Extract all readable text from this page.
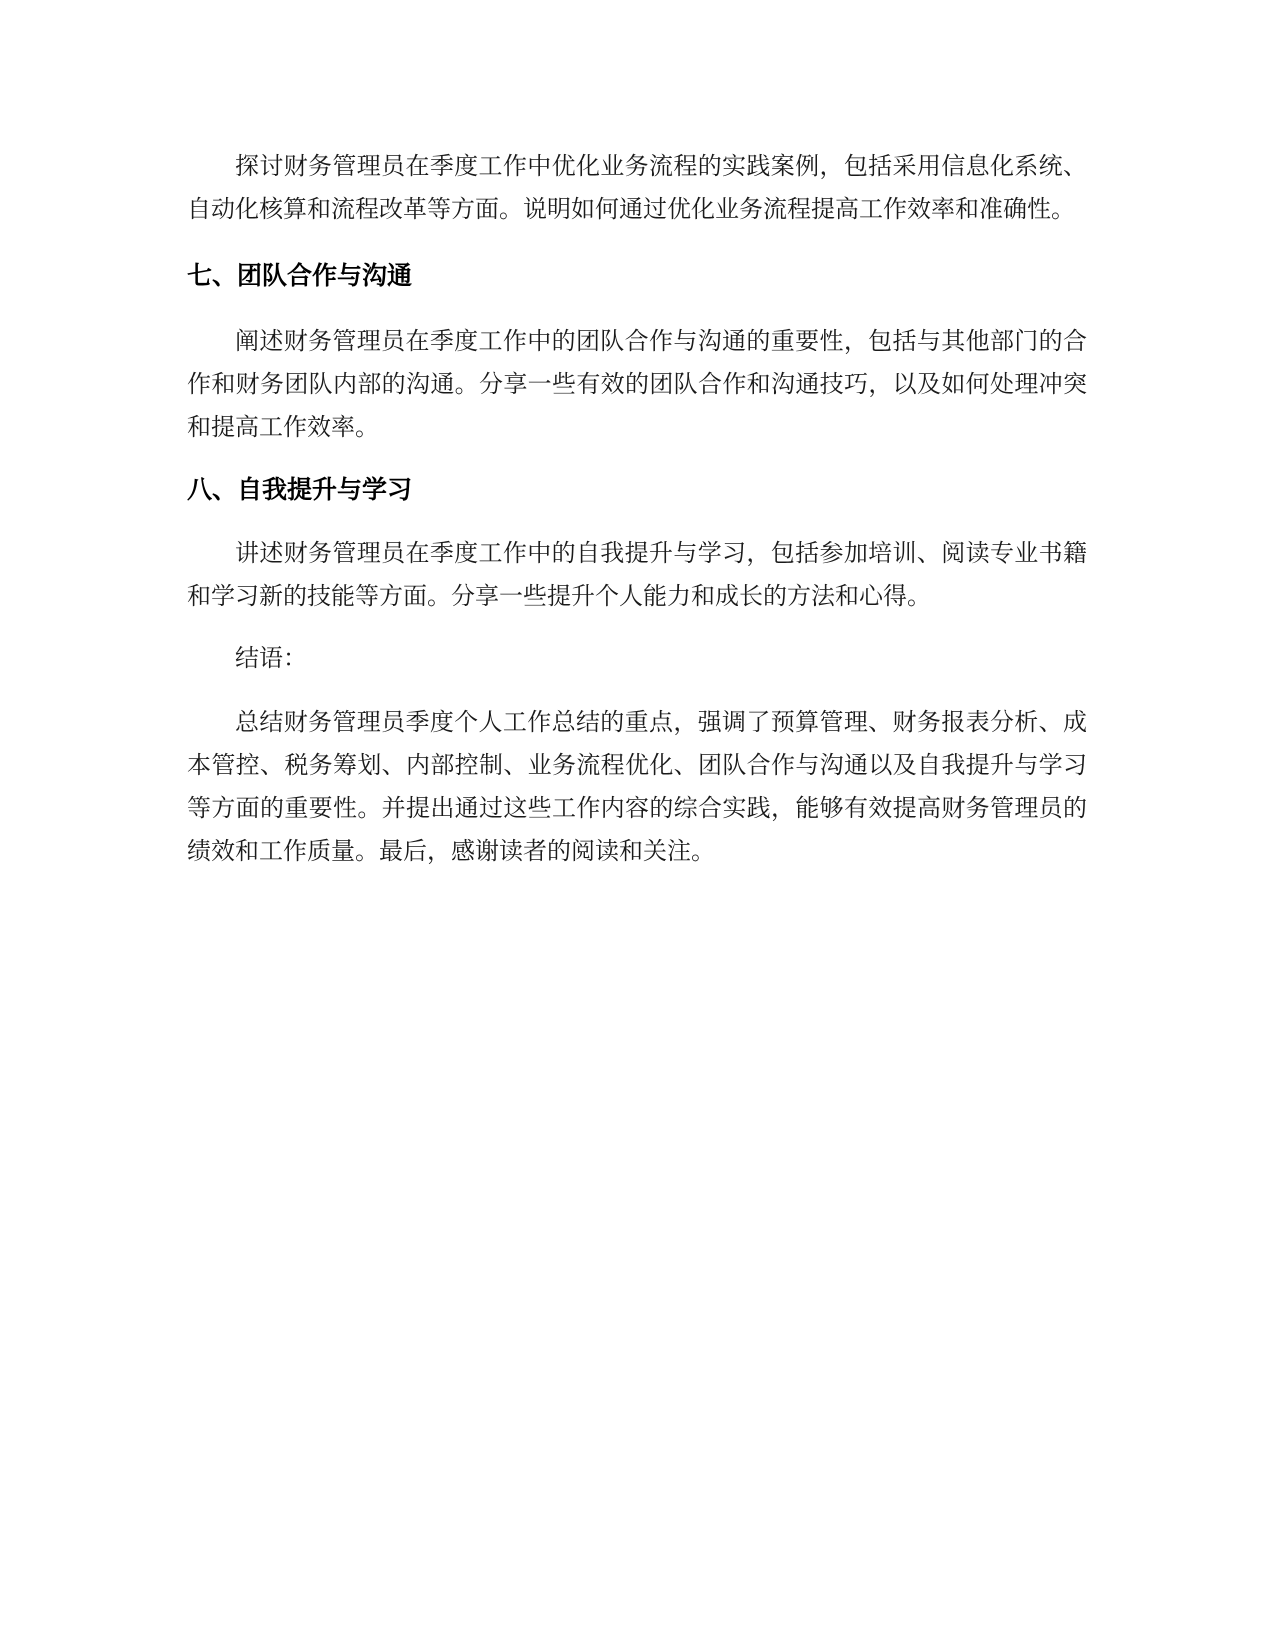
探讨财务管理员在季度工作中优化业务流程的实践案例，包括采用信息化系统、自动化核算和流程改革等方面。说明如何通过优化业务流程提高工作效率和准确性。

七、团队合作与沟通

阐述财务管理员在季度工作中的团队合作与沟通的重要性，包括与其他部门的合作和财务团队内部的沟通。分享一些有效的团队合作和沟通技巧，以及如何处理冲突和提高工作效率。

八、自我提升与学习

讲述财务管理员在季度工作中的自我提升与学习，包括参加培训、阅读专业书籍和学习新的技能等方面。分享一些提升个人能力和成长的方法和心得。

结语：

总结财务管理员季度个人工作总结的重点，强调了预算管理、财务报表分析、成本管控、税务筹划、内部控制、业务流程优化、团队合作与沟通以及自我提升与学习等方面的重要性。并提出通过这些工作内容的综合实践，能够有效提高财务管理员的绩效和工作质量。最后，感谢读者的阅读和关注。
